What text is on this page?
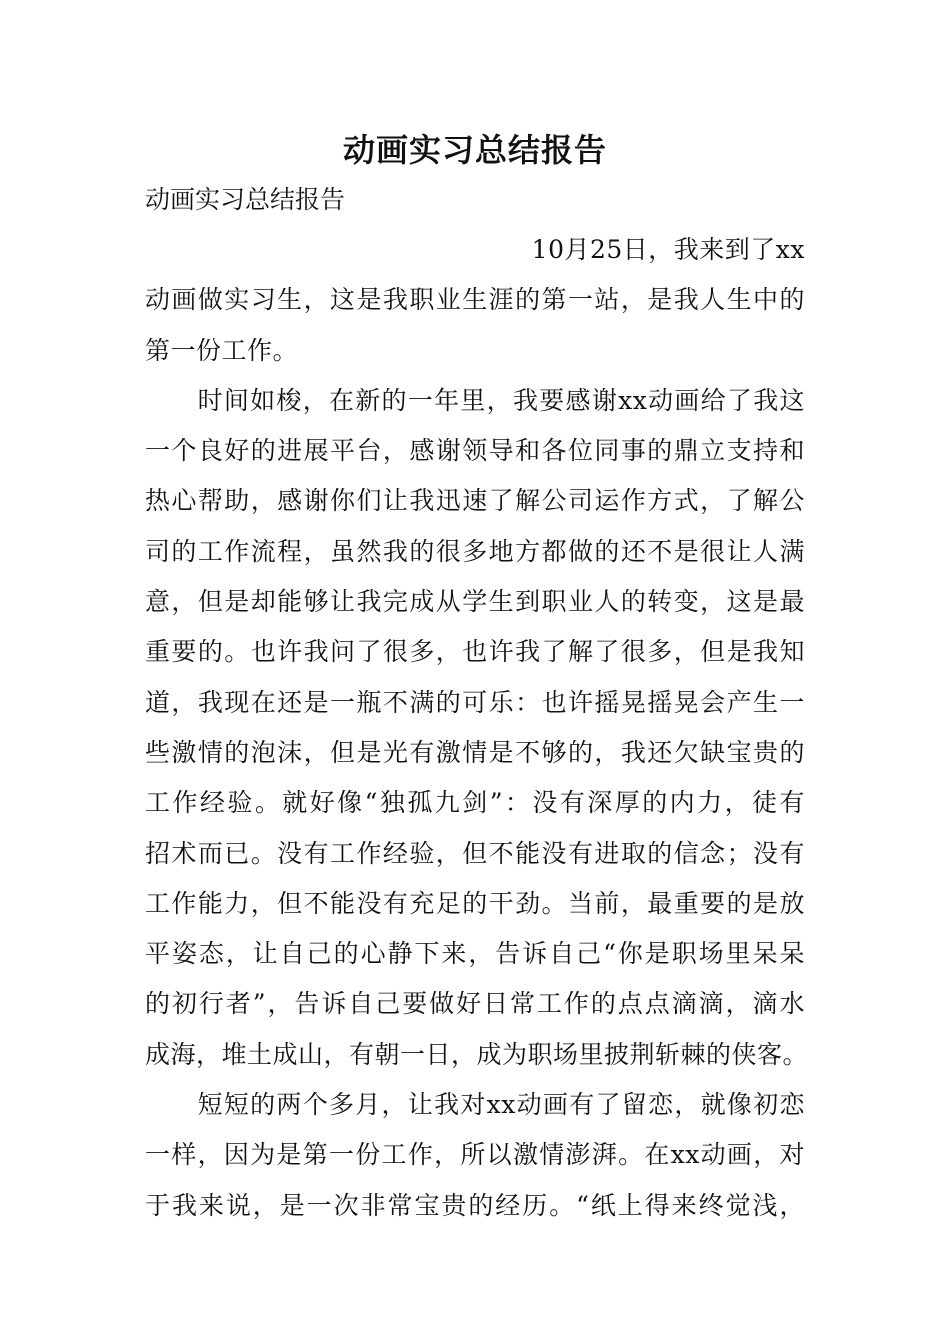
动画实习总结报告
动画实习总结报告
10月25日，我来到了xx
动画做实习生，这是我职业生涯的第一站，是我人生中的
第一份工作。
　　时间如梭，在新的一年里，我要感谢xx动画给了我这
一个良好的进展平台，感谢领导和各位同事的鼎立支持和
热心帮助，感谢你们让我迅速了解公司运作方式，了解公
司的工作流程，虽然我的很多地方都做的还不是很让人满
意，但是却能够让我完成从学生到职业人的转变，这是最
重要的。也许我问了很多，也许我了解了很多，但是我知
道，我现在还是一瓶不满的可乐：也许摇晃摇晃会产生一
些激情的泡沫，但是光有激情是不够的，我还欠缺宝贵的
工作经验。就好像“独孤九剑”：没有深厚的内力，徒有
招术而已。没有工作经验，但不能没有进取的信念；没有
工作能力，但不能没有充足的干劲。当前，最重要的是放
平姿态，让自己的心静下来，告诉自己“你是职场里呆呆
的初行者”，告诉自己要做好日常工作的点点滴滴，滴水
成海，堆土成山，有朝一日，成为职场里披荆斩棘的侠客。
　　短短的两个多月，让我对xx动画有了留恋，就像初恋
一样，因为是第一份工作，所以激情澎湃。在xx动画，对
于我来说，是一次非常宝贵的经历。“纸上得来终觉浅，
